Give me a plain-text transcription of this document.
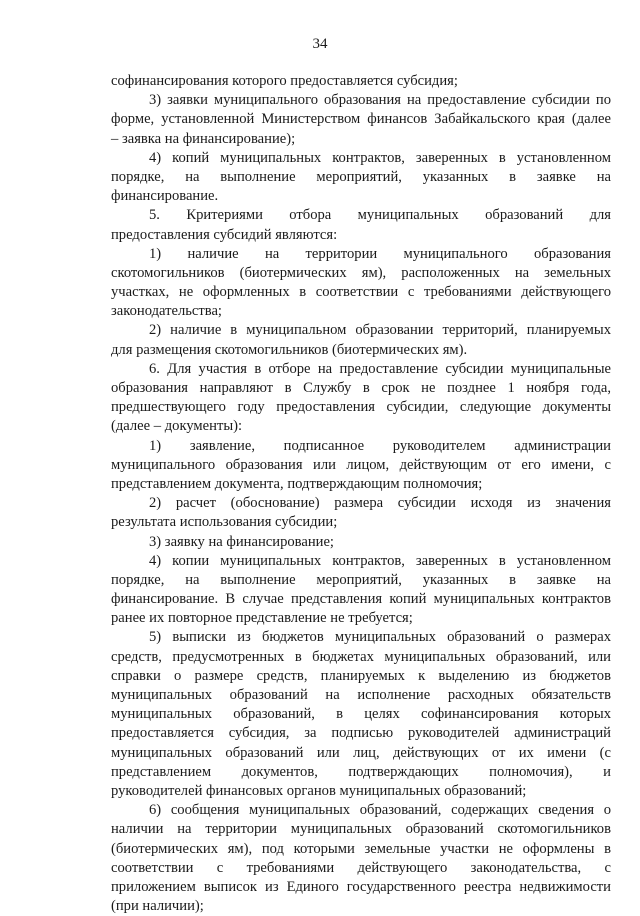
34
софинансирования которого предоставляется субсидия;
3) заявки муниципального образования на предоставление субсидии по
форме, установленной Министерством финансов Забайкальского края (далее
– заявка на финансирование);
4) копий муниципальных контрактов, заверенных в установленном
порядке, на выполнение мероприятий, указанных в заявке на
финансирование.
5. Критериями отбора муниципальных образований для
предоставления субсидий являются:
1) наличие на территории муниципального образования
скотомогильников (биотермических ям), расположенных на земельных
участках, не оформленных в соответствии с требованиями действующего
законодательства;
2) наличие в муниципальном образовании территорий, планируемых
для размещения скотомогильников (биотермических ям).
6. Для участия в отборе на предоставление субсидии муниципальные
образования направляют в Службу в срок не позднее 1 ноября года,
предшествующего году предоставления субсидии, следующие документы
(далее – документы):
1) заявление, подписанное руководителем администрации
муниципального образования или лицом, действующим от его имени, с
представлением документа, подтверждающим полномочия;
2) расчет (обоснование) размера субсидии исходя из значения
результата использования субсидии;
3) заявку на финансирование;
4) копии муниципальных контрактов, заверенных в установленном
порядке, на выполнение мероприятий, указанных в заявке на
финансирование. В случае представления копий муниципальных контрактов
ранее их повторное представление не требуется;
5) выписки из бюджетов муниципальных образований о размерах
средств, предусмотренных в бюджетах муниципальных образований, или
справки о размере средств, планируемых к выделению из бюджетов
муниципальных образований на исполнение расходных обязательств
муниципальных образований, в целях софинансирования которых
предоставляется субсидия, за подписью руководителей администраций
муниципальных образований или лиц, действующих от их имени (с
представлением документов, подтверждающих полномочия), и
руководителей финансовых органов муниципальных образований;
6) сообщения муниципальных образований, содержащих сведения о
наличии на территории муниципальных образований скотомогильников
(биотермических ям), под которыми земельные участки не оформлены в
соответствии с требованиями действующего законодательства, с
приложением выписок из Единого государственного реестра недвижимости
(при наличии);
